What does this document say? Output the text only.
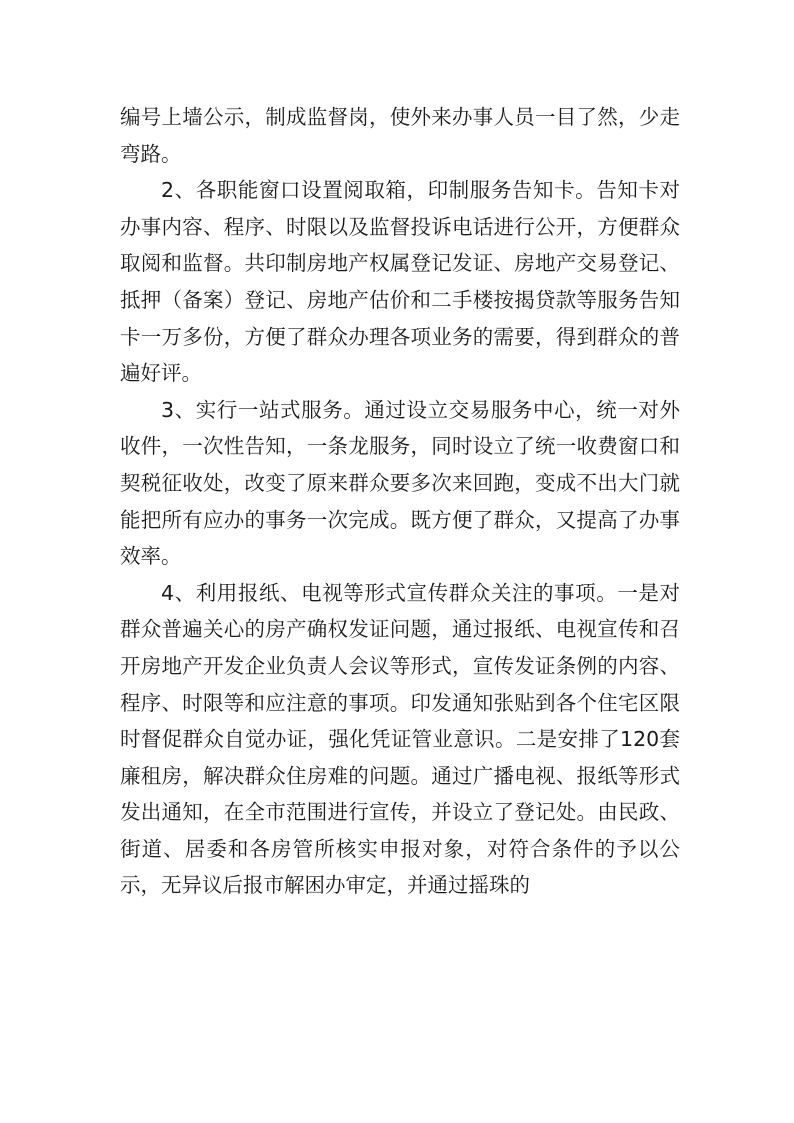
编号上墙公示，制成监督岗，使外来办事人员一目了然，少走弯路。

2、各职能窗口设置阅取箱，印制服务告知卡。告知卡对办事内容、程序、时限以及监督投诉电话进行公开，方便群众取阅和监督。共印制房地产权属登记发证、房地产交易登记、抵押（备案）登记、房地产估价和二手楼按揭贷款等服务告知卡一万多份，方便了群众办理各项业务的需要，得到群众的普遍好评。

3、实行一站式服务。通过设立交易服务中心，统一对外收件，一次性告知，一条龙服务，同时设立了统一收费窗口和契税征收处，改变了原来群众要多次来回跑，变成不出大门就能把所有应办的事务一次完成。既方便了群众，又提高了办事效率。

4、利用报纸、电视等形式宣传群众关注的事项。一是对群众普遍关心的房产确权发证问题，通过报纸、电视宣传和召开房地产开发企业负责人会议等形式，宣传发证条例的内容、程序、时限等和应注意的事项。印发通知张贴到各个住宅区限时督促群众自觉办证，强化凭证管业意识。二是安排了120套廉租房，解决群众住房难的问题。通过广播电视、报纸等形式发出通知，在全市范围进行宣传，并设立了登记处。由民政、街道、居委和各房管所核实申报对象，对符合条件的予以公示，无异议后报市解困办审定，并通过摇珠的
